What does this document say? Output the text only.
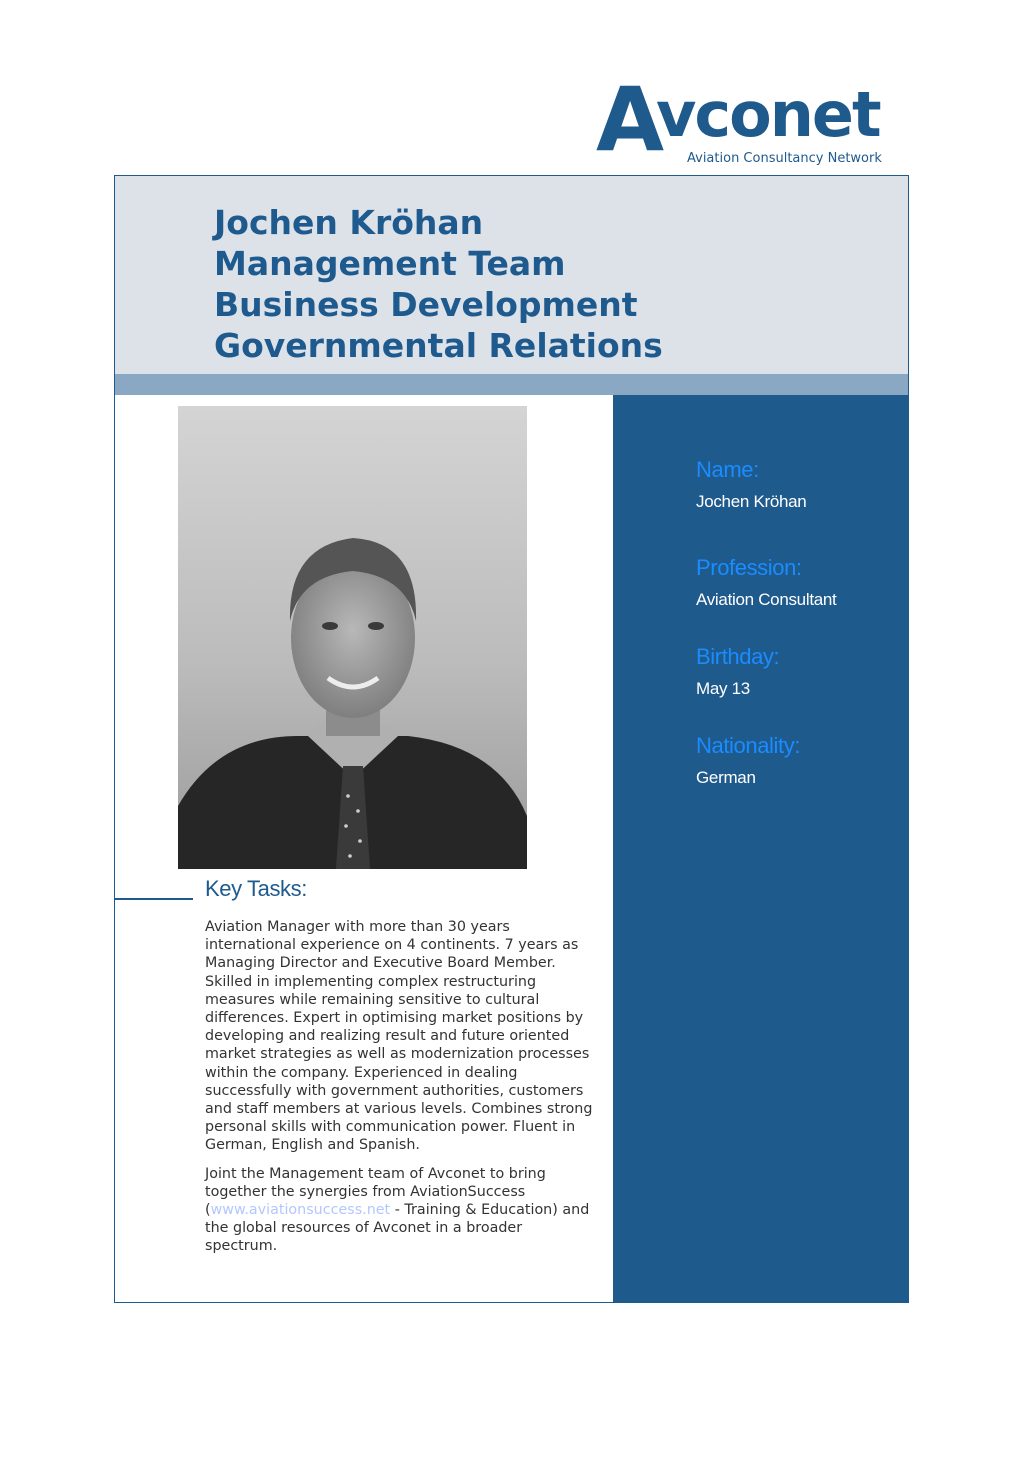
A
vconet
Aviation Consultancy Network
Jochen Kröhan
Management Team
Business Development
Governmental Relations
Key Tasks:

Aviation Manager with more than 30 years international experience on 4 continents. 7 years as Managing Director and Executive Board Member. Skilled in implementing complex restructuring measures while remaining sensitive to cultural differences. Expert in optimising market positions by developing and realizing result and future oriented market strategies as well as modernization processes within the company. Experienced in dealing successfully with government authorities, customers and staff members at various levels. Combines strong personal skills with communication power. Fluent in German, English and Spanish.

Joint the Management team of Avconet to bring together the synergies from AviationSuccess (www.aviationsuccess.net - Training & Education) and the global resources of Avconet in a broader spectrum.

Name:
Jochen Kröhan
Profession:
Aviation Consultant
Birthday:
May 13
Nationality:
German
